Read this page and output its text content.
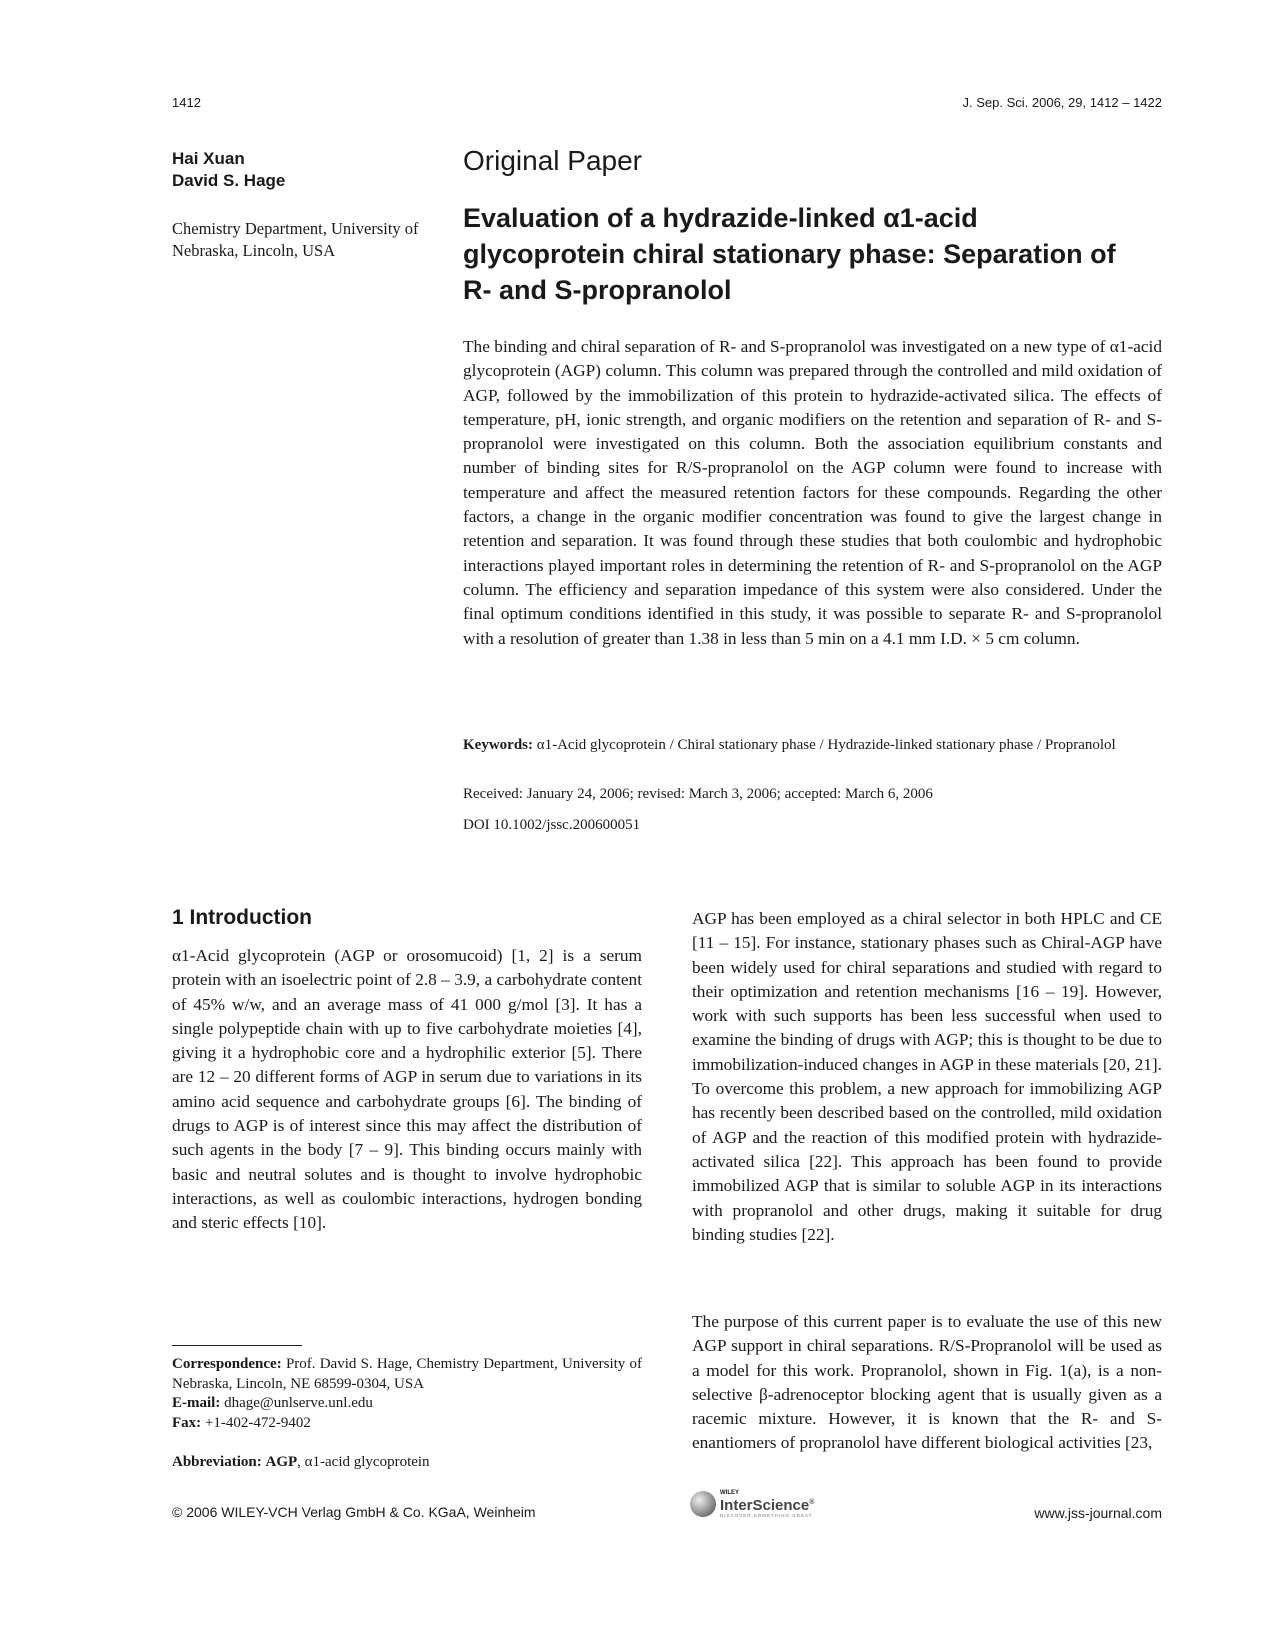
1412	J. Sep. Sci. 2006, 29, 1412 – 1422
Hai Xuan
David S. Hage
Chemistry Department, University of Nebraska, Lincoln, USA
Original Paper
Evaluation of a hydrazide-linked α1-acid glycoprotein chiral stationary phase: Separation of R- and S-propranolol
The binding and chiral separation of R- and S-propranolol was investigated on a new type of α1-acid glycoprotein (AGP) column. This column was prepared through the controlled and mild oxidation of AGP, followed by the immobilization of this protein to hydrazide-activated silica. The effects of temperature, pH, ionic strength, and organic modifiers on the retention and separation of R- and S-propranolol were investigated on this column. Both the association equilibrium constants and number of binding sites for R/S-propranolol on the AGP column were found to increase with temperature and affect the measured retention factors for these compounds. Regarding the other factors, a change in the organic modifier concentration was found to give the largest change in retention and separation. It was found through these studies that both coulombic and hydrophobic interactions played important roles in determining the retention of R- and S-propranolol on the AGP column. The efficiency and separation impedance of this system were also considered. Under the final optimum conditions identified in this study, it was possible to separate R- and S-propranolol with a resolution of greater than 1.38 in less than 5 min on a 4.1 mm I.D. × 5 cm column.
Keywords: α1-Acid glycoprotein / Chiral stationary phase / Hydrazide-linked stationary phase / Propranolol
Received: January 24, 2006; revised: March 3, 2006; accepted: March 6, 2006
DOI 10.1002/jssc.200600051
1 Introduction
α1-Acid glycoprotein (AGP or orosomucoid) [1, 2] is a serum protein with an isoelectric point of 2.8 – 3.9, a carbohydrate content of 45% w/w, and an average mass of 41 000 g/mol [3]. It has a single polypeptide chain with up to five carbohydrate moieties [4], giving it a hydrophobic core and a hydrophilic exterior [5]. There are 12 – 20 different forms of AGP in serum due to variations in its amino acid sequence and carbohydrate groups [6]. The binding of drugs to AGP is of interest since this may affect the distribution of such agents in the body [7 – 9]. This binding occurs mainly with basic and neutral solutes and is thought to involve hydrophobic interactions, as well as coulombic interactions, hydrogen bonding and steric effects [10].
AGP has been employed as a chiral selector in both HPLC and CE [11 – 15]. For instance, stationary phases such as Chiral-AGP have been widely used for chiral separations and studied with regard to their optimization and retention mechanisms [16 – 19]. However, work with such supports has been less successful when used to examine the binding of drugs with AGP; this is thought to be due to immobilization-induced changes in AGP in these materials [20, 21]. To overcome this problem, a new approach for immobilizing AGP has recently been described based on the controlled, mild oxidation of AGP and the reaction of this modified protein with hydrazide-activated silica [22]. This approach has been found to provide immobilized AGP that is similar to soluble AGP in its interactions with propranolol and other drugs, making it suitable for drug binding studies [22].
The purpose of this current paper is to evaluate the use of this new AGP support in chiral separations. R/S-Propranolol will be used as a model for this work. Propranolol, shown in Fig. 1(a), is a non-selective β-adrenoceptor blocking agent that is usually given as a racemic mixture. However, it is known that the R- and S-enantiomers of propranolol have different biological activities [23,
Correspondence: Prof. David S. Hage, Chemistry Department, University of Nebraska, Lincoln, NE 68599-0304, USA
E-mail: dhage@unlserve.unl.edu
Fax: +1-402-472-9402
Abbreviation: AGP, α1-acid glycoprotein
© 2006 WILEY-VCH Verlag GmbH & Co. KGaA, Weinheim
WILEY
InterScience®
DISCOVER SOMETHING GREAT	www.jss-journal.com
